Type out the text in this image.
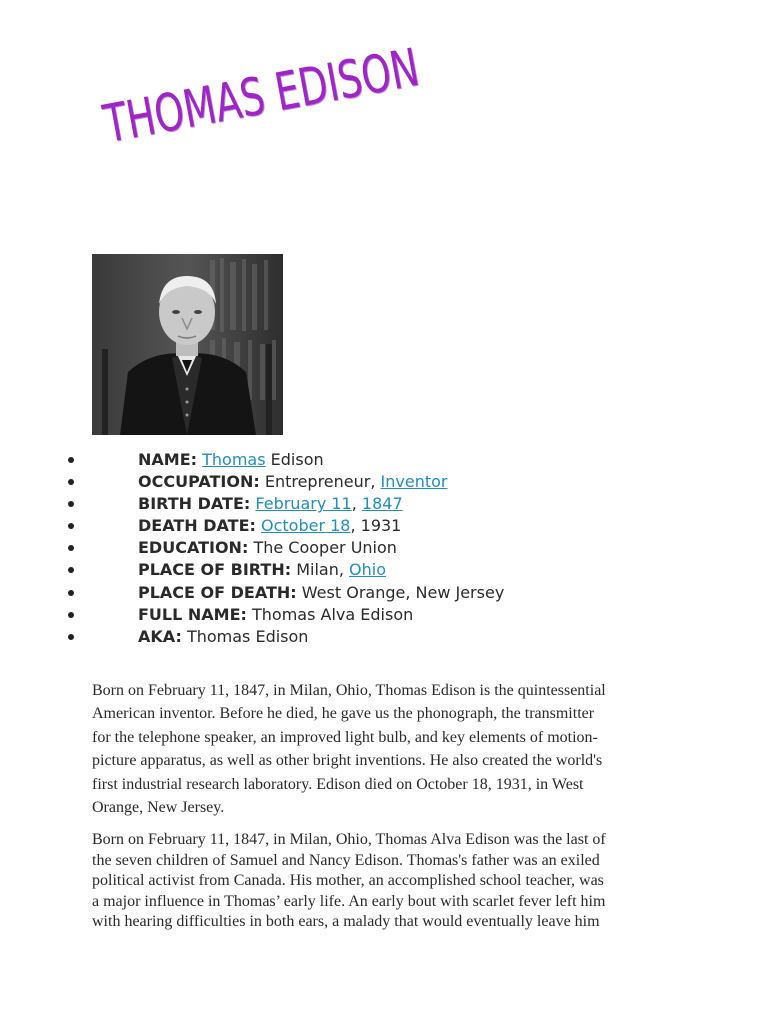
THOMAS EDISON
NAME: Thomas Edison
OCCUPATION: Entrepreneur, Inventor
BIRTH DATE: February 11, 1847
DEATH DATE: October 18, 1931
EDUCATION: The Cooper Union
PLACE OF BIRTH: Milan, Ohio
PLACE OF DEATH: West Orange, New Jersey
FULL NAME: Thomas Alva Edison
AKA: Thomas Edison

Born on February 11, 1847, in Milan, Ohio, Thomas Edison is the quintessential
American inventor. Before he died, he gave us the phonograph, the transmitter
for the telephone speaker, an improved light bulb, and key elements of motion-
picture apparatus, as well as other bright inventions. He also created the world's
first industrial research laboratory. Edison died on October 18, 1931, in West
Orange, New Jersey.

Born on February 11, 1847, in Milan, Ohio, Thomas Alva Edison was the last of
the seven children of Samuel and Nancy Edison. Thomas's father was an exiled
political activist from Canada. His mother, an accomplished school teacher, was
a major influence in Thomas’ early life. An early bout with scarlet fever left him
with hearing difficulties in both ears, a malady that would eventually leave him
